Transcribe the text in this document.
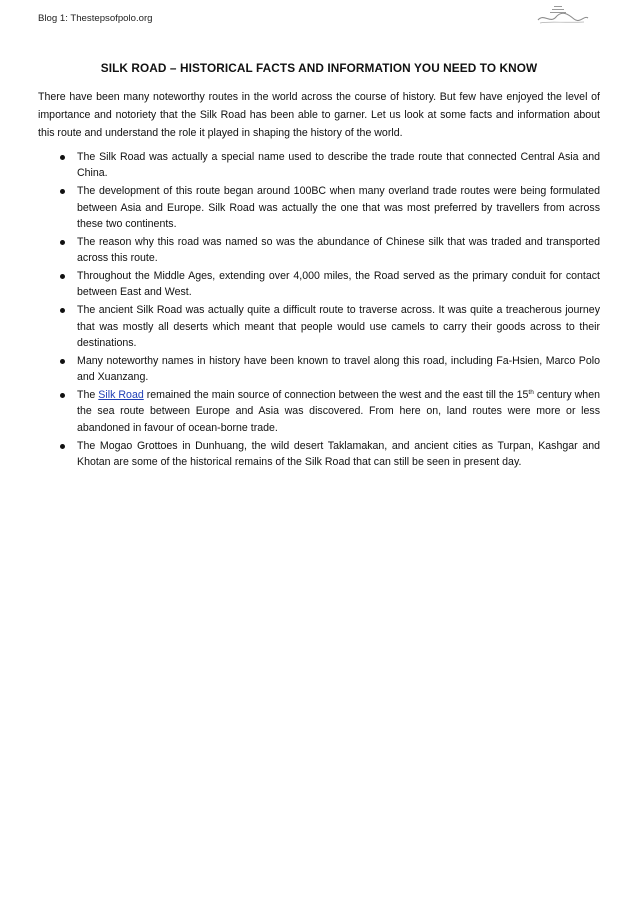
Blog 1: Thestepsofpolo.org
SILK ROAD – HISTORICAL FACTS AND INFORMATION YOU NEED TO KNOW

There have been many noteworthy routes in the world across the course of history. But few have enjoyed the level of importance and notoriety that the Silk Road has been able to garner. Let us look at some facts and information about this route and understand the role it played in shaping the history of the world.

The Silk Road was actually a special name used to describe the trade route that connected Central Asia and China.
The development of this route began around 100BC when many overland trade routes were being formulated between Asia and Europe. Silk Road was actually the one that was most preferred by travellers from across these two continents.
The reason why this road was named so was the abundance of Chinese silk that was traded and transported across this route.
Throughout the Middle Ages, extending over 4,000 miles, the Road served as the primary conduit for contact between East and West.
The ancient Silk Road was actually quite a difficult route to traverse across. It was quite a treacherous journey that was mostly all deserts which meant that people would use camels to carry their goods across to their destinations.
Many noteworthy names in history have been known to travel along this road, including Fa-Hsien, Marco Polo and Xuanzang.
The Silk Road remained the main source of connection between the west and the east till the 15th century when the sea route between Europe and Asia was discovered. From here on, land routes were more or less abandoned in favour of ocean-borne trade.
The Mogao Grottoes in Dunhuang, the wild desert Taklamakan, and ancient cities as Turpan, Kashgar and Khotan are some of the historical remains of the Silk Road that can still be seen in present day.
